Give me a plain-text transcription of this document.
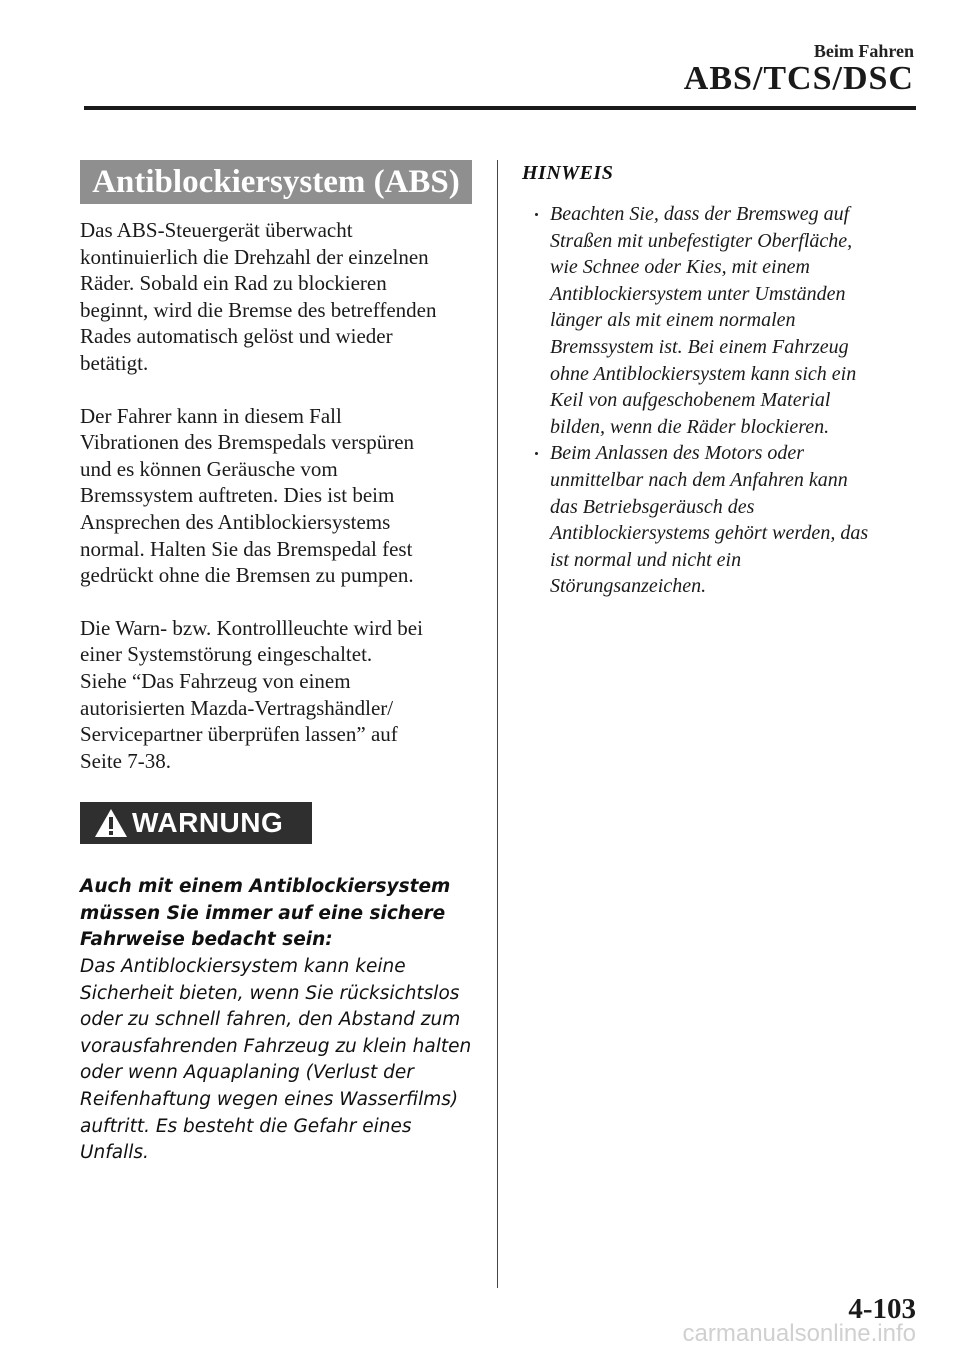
Beim Fahren
ABS/TCS/DSC
Antiblockiersystem (ABS)

Das ABS-Steuergerät überwacht
kontinuierlich die Drehzahl der einzelnen
Räder. Sobald ein Rad zu blockieren
beginnt, wird die Bremse des betreffenden
Rades automatisch gelöst und wieder
betätigt.

Der Fahrer kann in diesem Fall
Vibrationen des Bremspedals verspüren
und es können Geräusche vom
Bremssystem auftreten. Dies ist beim
Ansprechen des Antiblockiersystems
normal. Halten Sie das Bremspedal fest
gedrückt ohne die Bremsen zu pumpen.

Die Warn- bzw. Kontrollleuchte wird bei
einer Systemstörung eingeschaltet.
Siehe “Das Fahrzeug von einem
autorisierten Mazda-Vertragshändler/
Servicepartner überprüfen lassen” auf
Seite 7-38.

WARNUNG
Auch mit einem Antiblockiersystem
müssen Sie immer auf eine sichere
Fahrweise bedacht sein:
Das Antiblockiersystem kann keine
Sicherheit bieten, wenn Sie rücksichtslos
oder zu schnell fahren, den Abstand zum
vorausfahrenden Fahrzeug zu klein halten
oder wenn Aquaplaning (Verlust der
Reifenhaftung wegen eines Wasserfilms)
auftritt. Es besteht die Gefahr eines Unfalls.
HINWEIS
Beachten Sie, dass der Bremsweg auf
Straßen mit unbefestigter Oberfläche,
wie Schnee oder Kies, mit einem
Antiblockiersystem unter Umständen
länger als mit einem normalen
Bremssystem ist. Bei einem Fahrzeug
ohne Antiblockiersystem kann sich ein
Keil von aufgeschobenem Material
bilden, wenn die Räder blockieren.
Beim Anlassen des Motors oder
unmittelbar nach dem Anfahren kann
das Betriebsgeräusch des
Antiblockiersystems gehört werden, das
ist normal und nicht ein
Störungsanzeichen.
4-103
carmanualsonline.info
